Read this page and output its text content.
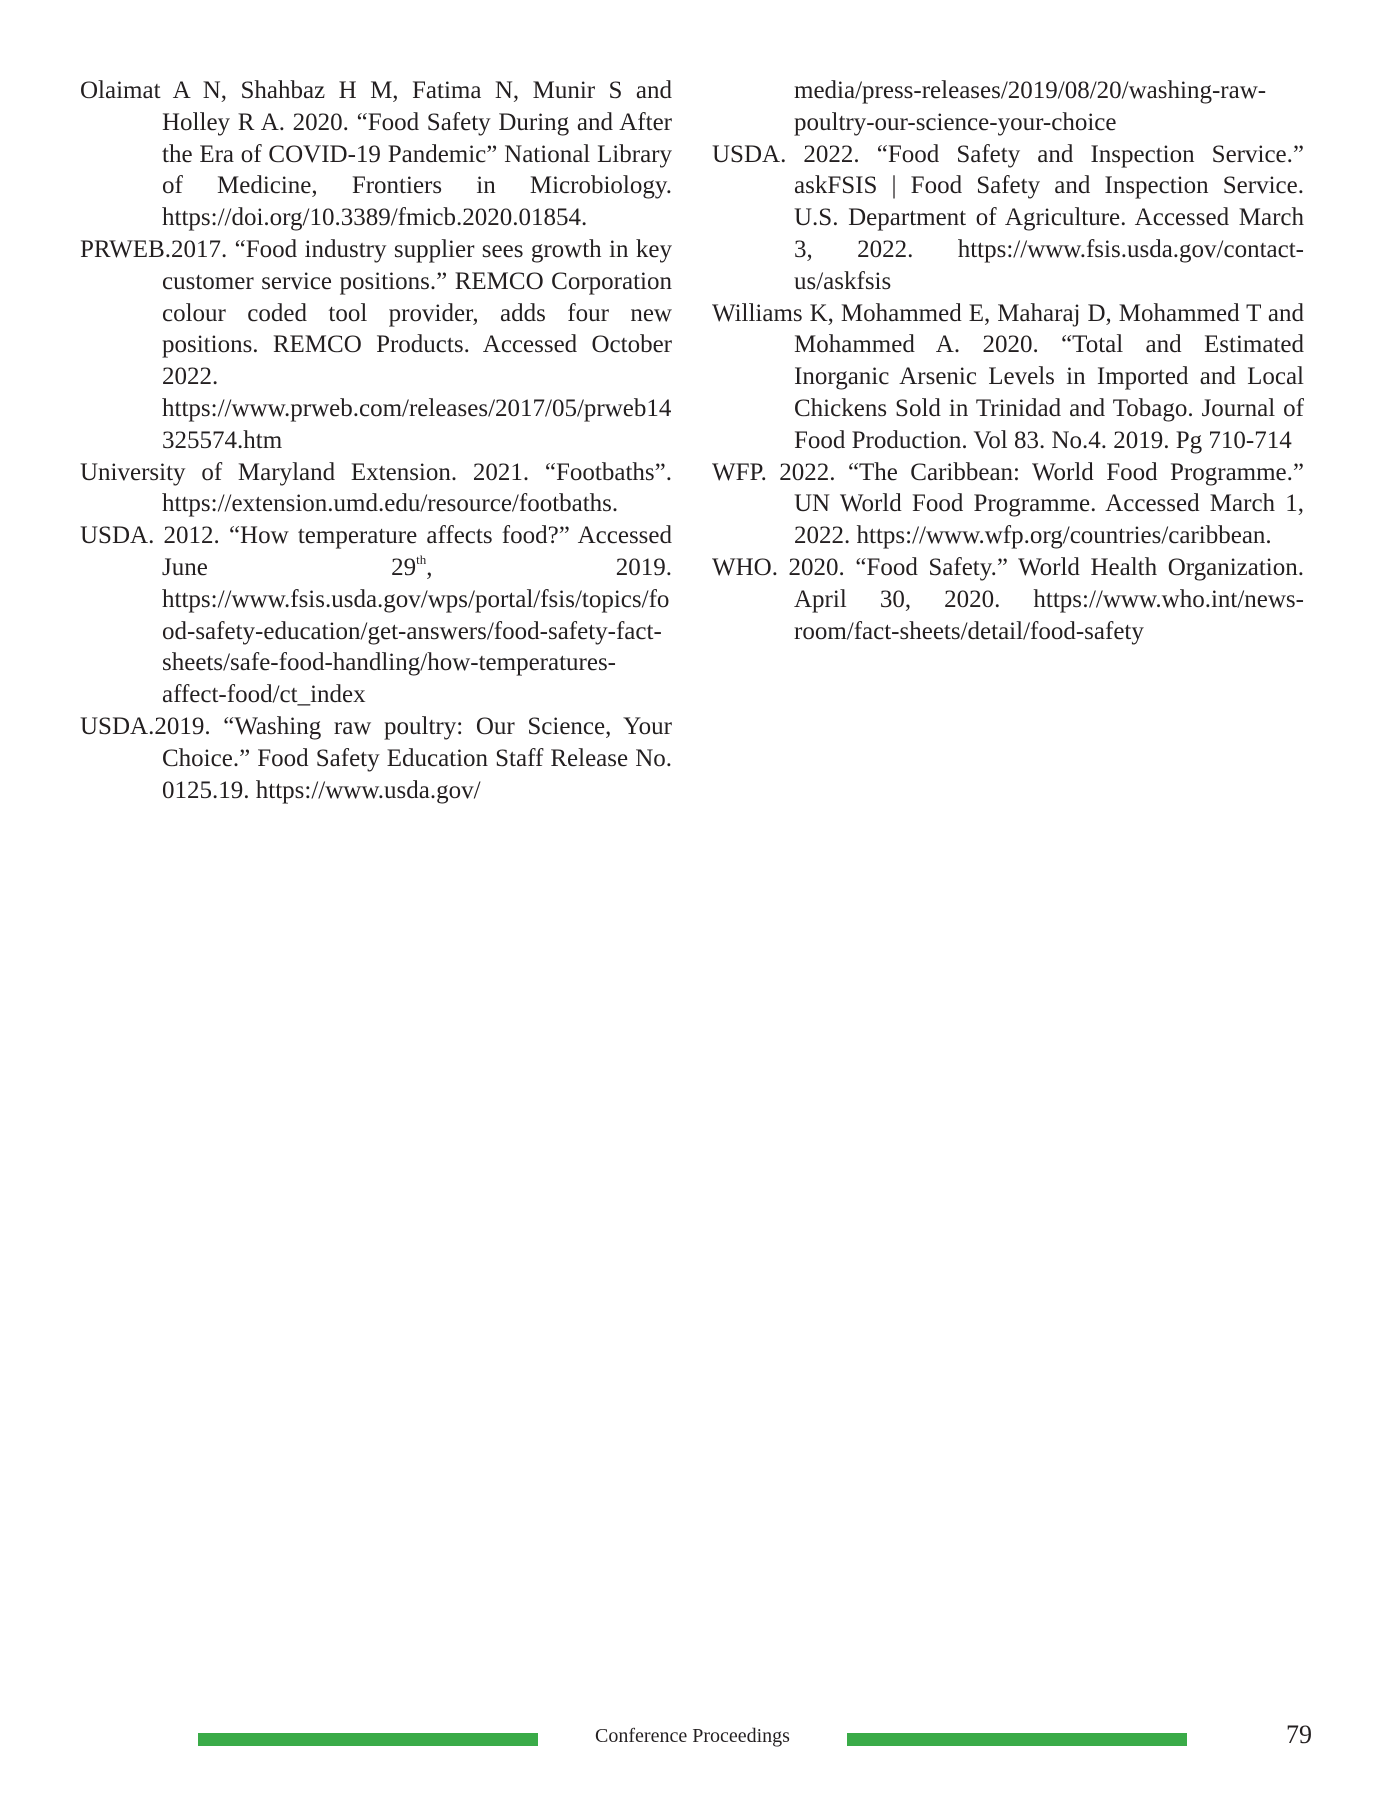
Olaimat A N, Shahbaz H M, Fatima N, Munir S and Holley R A. 2020. “Food Safety During and After the Era of COVID-19 Pandemic” National Library of Medicine, Frontiers in Microbiology. https://doi.org/10.3389/fmicb.2020.01854.

PRWEB.2017. “Food industry supplier sees growth in key customer service positions.” REMCO Corporation colour coded tool provider, adds four new positions. REMCO Products. Accessed October 2022. https://www.prweb.com/releases/2017/05/prweb14325574.htm

University of Maryland Extension. 2021. “Footbaths”. https://extension.umd.edu/resource/footbaths.

USDA. 2012. “How temperature affects food?” Accessed June 29th, 2019. https://www.fsis.usda.gov/wps/portal/fsis/topics/food-safety-education/get-answers/food-safety-fact-sheets/safe-food-handling/how-temperatures-affect-food/ct_index

USDA.2019. “Washing raw poultry: Our Science, Your Choice.” Food Safety Education Staff Release No. 0125.19. https://www.usda.gov/

media/press-releases/2019/08/20/washing-raw-poultry-our-science-your-choice

USDA. 2022. “Food Safety and Inspection Service.” askFSIS | Food Safety and Inspection Service. U.S. Department of Agriculture. Accessed March 3, 2022. https://www.fsis.usda.gov/contact-us/askfsis

Williams K, Mohammed E, Maharaj D, Mohammed T and Mohammed A. 2020. “Total and Estimated Inorganic Arsenic Levels in Imported and Local Chickens Sold in Trinidad and Tobago. Journal of Food Production. Vol 83. No.4. 2019. Pg 710-714

WFP. 2022. “The Caribbean: World Food Programme.” UN World Food Programme. Accessed March 1, 2022. https://www.wfp.org/countries/caribbean.

WHO. 2020. “Food Safety.” World Health Organization. April 30, 2020. https://www.who.int/news-room/fact-sheets/detail/food-safety

Conference Proceedings	79
